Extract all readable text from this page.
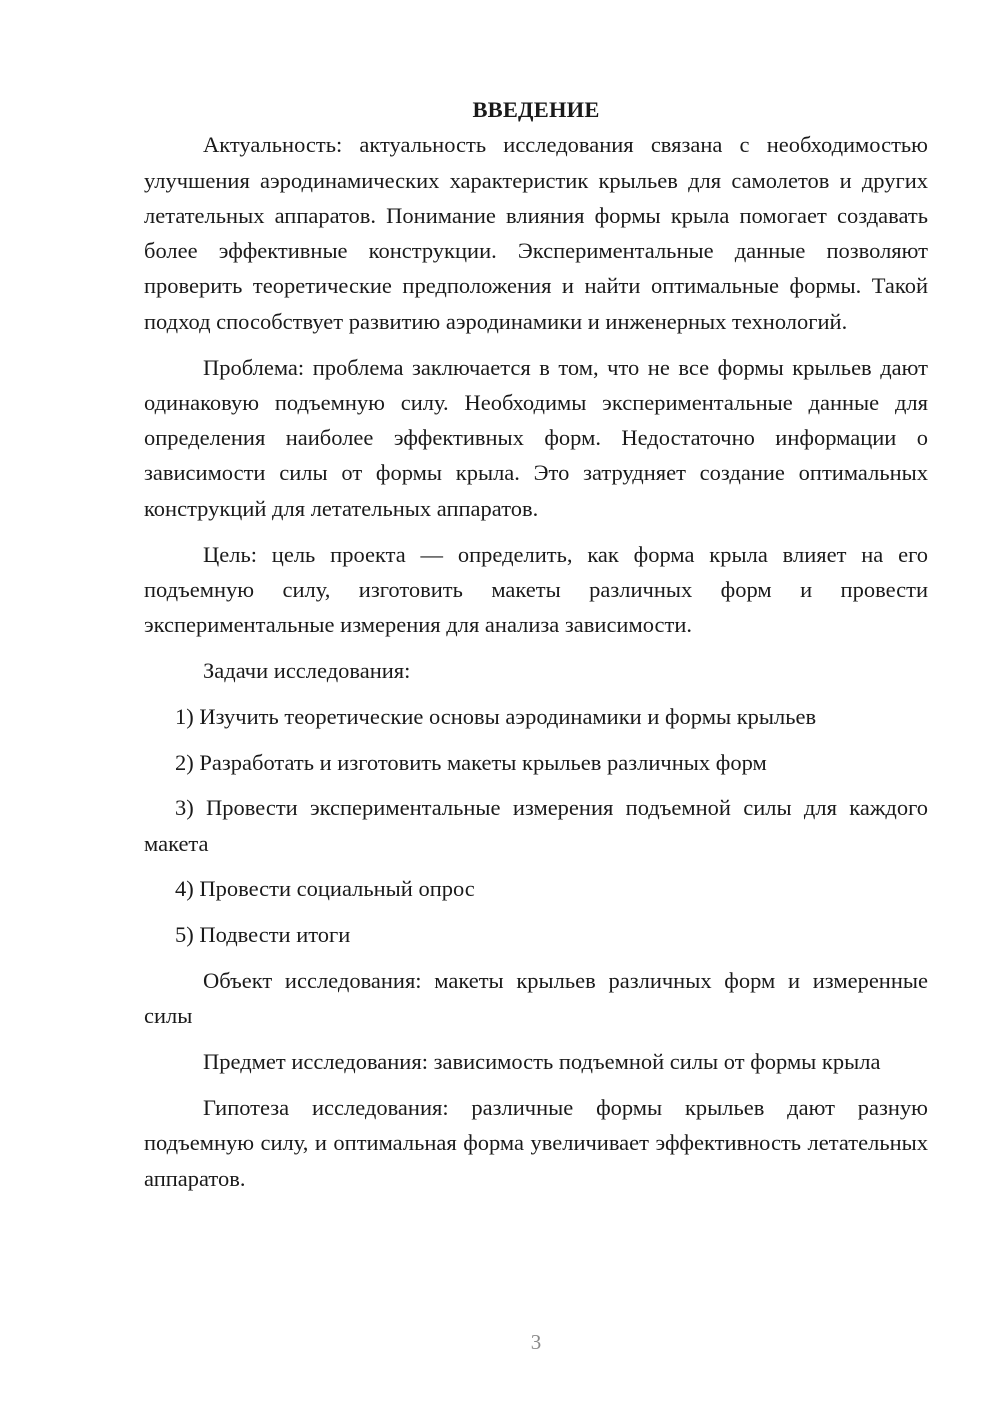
ВВЕДЕНИЕ

Актуальность: актуальность исследования связана с необходимостью улучшения аэродинамических характеристик крыльев для самолетов и других летательных аппаратов. Понимание влияния формы крыла помогает создавать более эффективные конструкции. Экспериментальные данные позволяют проверить теоретические предположения и найти оптимальные формы. Такой подход способствует развитию аэродинамики и инженерных технологий.

Проблема: проблема заключается в том, что не все формы крыльев дают одинаковую подъемную силу. Необходимы экспериментальные данные для определения наиболее эффективных форм. Недостаточно информации о зависимости силы от формы крыла. Это затрудняет создание оптимальных конструкций для летательных аппаратов.

Цель: цель проекта — определить, как форма крыла влияет на его подъемную силу, изготовить макеты различных форм и провести экспериментальные измерения для анализа зависимости.

Задачи исследования:

1) Изучить теоретические основы аэродинамики и формы крыльев

2) Разработать и изготовить макеты крыльев различных форм

3) Провести экспериментальные измерения подъемной силы для каждого макета

4) Провести социальный опрос

5) Подвести итоги

Объект исследования: макеты крыльев различных форм и измеренные силы

Предмет исследования: зависимость подъемной силы от формы крыла

Гипотеза исследования: различные формы крыльев дают разную подъемную силу, и оптимальная форма увеличивает эффективность летательных аппаратов.

3
